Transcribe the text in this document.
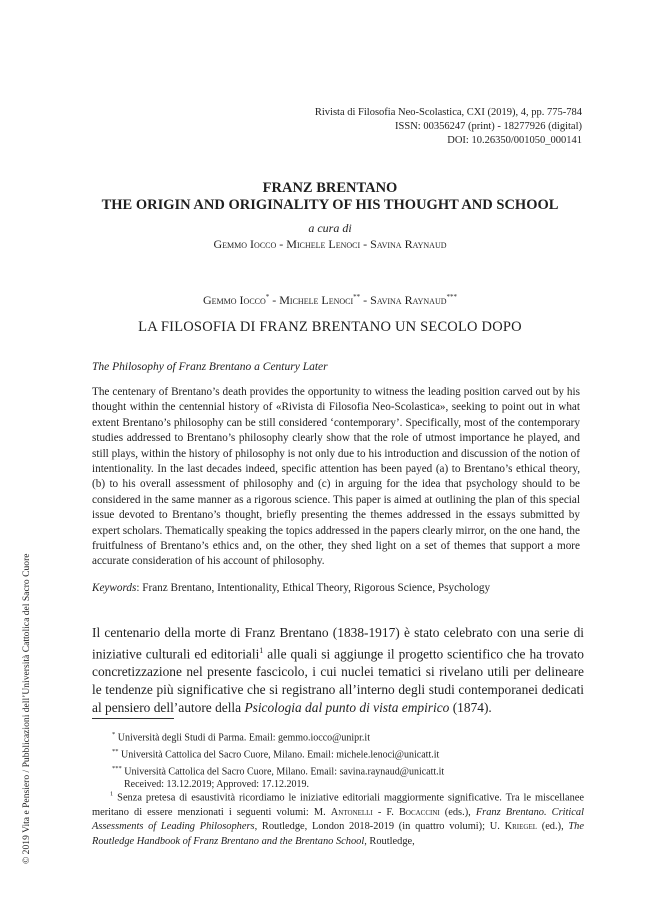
Rivista di Filosofia Neo-Scolastica, CXI (2019), 4, pp. 775-784
ISSN: 00356247 (print) - 18277926 (digital)
DOI: 10.26350/001050_000141
FRANZ BRENTANO
THE ORIGIN AND ORIGINALITY OF HIS THOUGHT AND SCHOOL
a cura di
Gemmo Iocco - Michele Lenoci - Savina Raynaud
Gemmo Iocco* - Michele Lenoci** - Savina Raynaud***
LA FILOSOFIA DI FRANZ BRENTANO UN SECOLO DOPO
The Philosophy of Franz Brentano a Century Later

The centenary of Brentano’s death provides the opportunity to witness the leading position carved out by his thought within the centennial history of «Rivista di Filosofia Neo-Scolastica», seeking to point out in what extent Brentano’s philosophy can be still considered ‘contemporary’. Specifically, most of the contemporary studies addressed to Brentano’s philosophy clearly show that the role of utmost importance he played, and still plays, within the history of philosophy is not only due to his introduction and discussion of the notion of intentionality. In the last decades indeed, specific attention has been payed (a) to Brentano’s ethical theory, (b) to his overall assessment of philosophy and (c) in arguing for the idea that psychology should to be considered in the same manner as a rigorous science. This paper is aimed at outlining the plan of this special issue devoted to Brentano’s thought, briefly presenting the themes addressed in the essays submitted by expert scholars. Thematically speaking the topics addressed in the papers clearly mirror, on the one hand, the fruitfulness of Brentano’s ethics and, on the other, they shed light on a set of themes that support a more accurate consideration of his account of philosophy.

Keywords: Franz Brentano, Intentionality, Ethical Theory, Rigorous Science, Psychology

Il centenario della morte di Franz Brentano (1838-1917) è stato celebrato con una serie di iniziative culturali ed editoriali$^1$ alle quali si aggiunge il progetto scientifico che ha trovato concretizzazione nel presente fascicolo, i cui nuclei tematici si rivelano utili per delineare le tendenze più significative che si registrano all’interno degli studi contemporanei dedicati al pensiero dell’autore della Psicologia dal punto di vista empirico (1874).

* Università degli Studi di Parma. Email: gemmo.iocco@unipr.it
** Università Cattolica del Sacro Cuore, Milano. Email: michele.lenoci@unicatt.it
*** Università Cattolica del Sacro Cuore, Milano. Email: savina.raynaud@unicatt.it
Received: 13.12.2019; Approved: 17.12.2019.

$^1$ Senza pretesa di esaustività ricordiamo le iniziative editoriali maggiormente significative. Tra le miscellanee meritano di essere menzionati i seguenti volumi: M. Antonelli - F. Bocaccini (eds.), Franz Brentano. Critical Assessments of Leading Philosophers, Routledge, London 2018-2019 (in quattro volumi); U. Kriegel (ed.), The Routledge Handbook of Franz Brentano and the Brentano School, Routledge,

© 2019 Vita e Pensiero / Pubblicazioni dell’Università Cattolica del Sacro Cuore
